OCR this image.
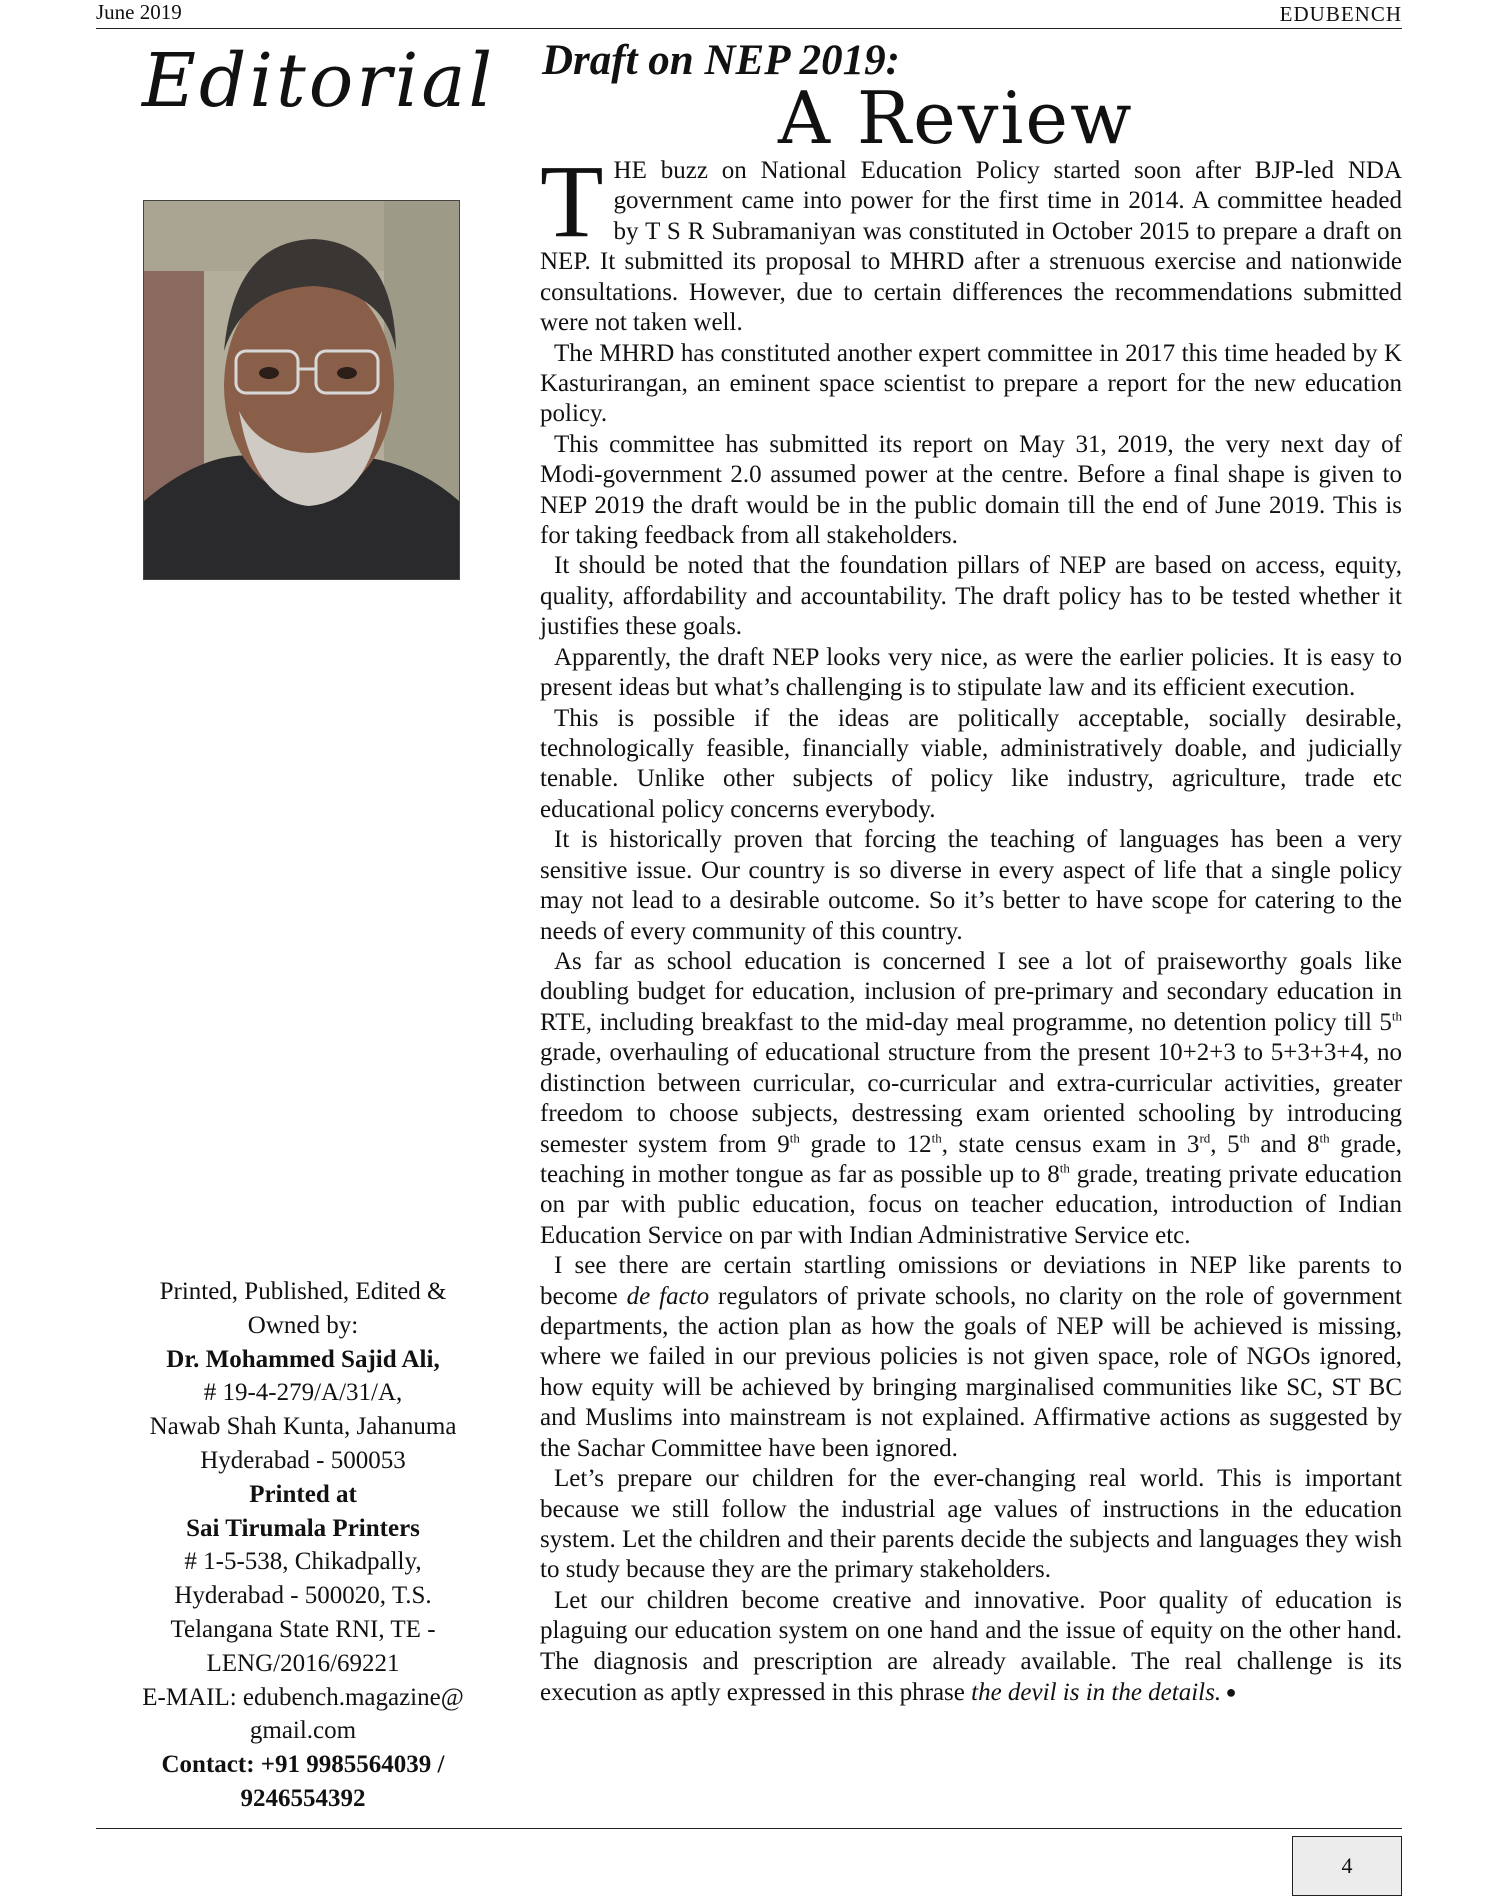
June 2019	EDUBENCH
Editorial Draft on NEP 2019:
A Review
Printed, Published, Edited &
Owned by:
Dr. Mohammed Sajid Ali,
# 19-4-279/A/31/A,
Nawab Shah Kunta, Jahanuma
Hyderabad - 500053
Printed at
Sai Tirumala Printers
# 1-5-538, Chikadpally,
Hyderabad - 500020, T.S.
Telangana State RNI, TE -
LENG/2016/69221
E-MAIL: edubench.magazine@
gmail.com
Contact: +91 9985564039 /
9246554392

THE buzz on National Education Policy started soon after BJP-led NDA government came into power for the first time in 2014. A committee headed by T S R Subramaniyan was constituted in October 2015 to prepare a draft on NEP. It submitted its proposal to MHRD after a strenuous exercise and nationwide consultations. However, due to certain differences the recommendations submitted were not taken well.

The MHRD has constituted another expert committee in 2017 this time headed by K Kasturirangan, an eminent space scientist to prepare a report for the new education policy.

This committee has submitted its report on May 31, 2019, the very next day of Modi-government 2.0 assumed power at the centre. Before a final shape is given to NEP 2019 the draft would be in the public domain till the end of June 2019. This is for taking feedback from all stakeholders.

It should be noted that the foundation pillars of NEP are based on access, equity, quality, affordability and accountability. The draft policy has to be tested whether it justifies these goals.

Apparently, the draft NEP looks very nice, as were the earlier policies. It is easy to present ideas but what’s challenging is to stipulate law and its efficient execution.

This is possible if the ideas are politically acceptable, socially desirable, technologically feasible, financially viable, administratively doable, and judicially tenable. Unlike other subjects of policy like industry, agriculture, trade etc educational policy concerns everybody.

It is historically proven that forcing the teaching of languages has been a very sensitive issue. Our country is so diverse in every aspect of life that a single policy may not lead to a desirable outcome. So it’s better to have scope for catering to the needs of every community of this country.

As far as school education is concerned I see a lot of praiseworthy goals like doubling budget for education, inclusion of pre-primary and secondary education in RTE, including breakfast to the mid-day meal programme, no detention policy till 5th grade, overhauling of educational structure from the present 10+2+3 to 5+3+3+4, no distinction between curricular, co-curricular and extra-curricular activities, greater freedom to choose subjects, destressing exam oriented schooling by introducing semester system from 9th grade to 12th, state census exam in 3rd, 5th and 8th grade, teaching in mother tongue as far as possible up to 8th grade, treating private education on par with public education, focus on teacher education, introduction of Indian Education Service on par with Indian Administrative Service etc.

I see there are certain startling omissions or deviations in NEP like parents to become de facto regulators of private schools, no clarity on the role of government departments, the action plan as how the goals of NEP will be achieved is missing, where we failed in our previous policies is not given space, role of NGOs ignored, how equity will be achieved by bringing marginalised communities like SC, ST BC and Muslims into mainstream is not explained. Affirmative actions as suggested by the Sachar Committee have been ignored.

Let’s prepare our children for the ever-changing real world. This is important because we still follow the industrial age values of instructions in the education system. Let the children and their parents decide the subjects and languages they wish to study because they are the primary stakeholders.

Let our children become creative and innovative. Poor quality of education is plaguing our education system on one hand and the issue of equity on the other hand. The diagnosis and prescription are already available. The real challenge is its execution as aptly expressed in this phrase the devil is in the details. ●

4
